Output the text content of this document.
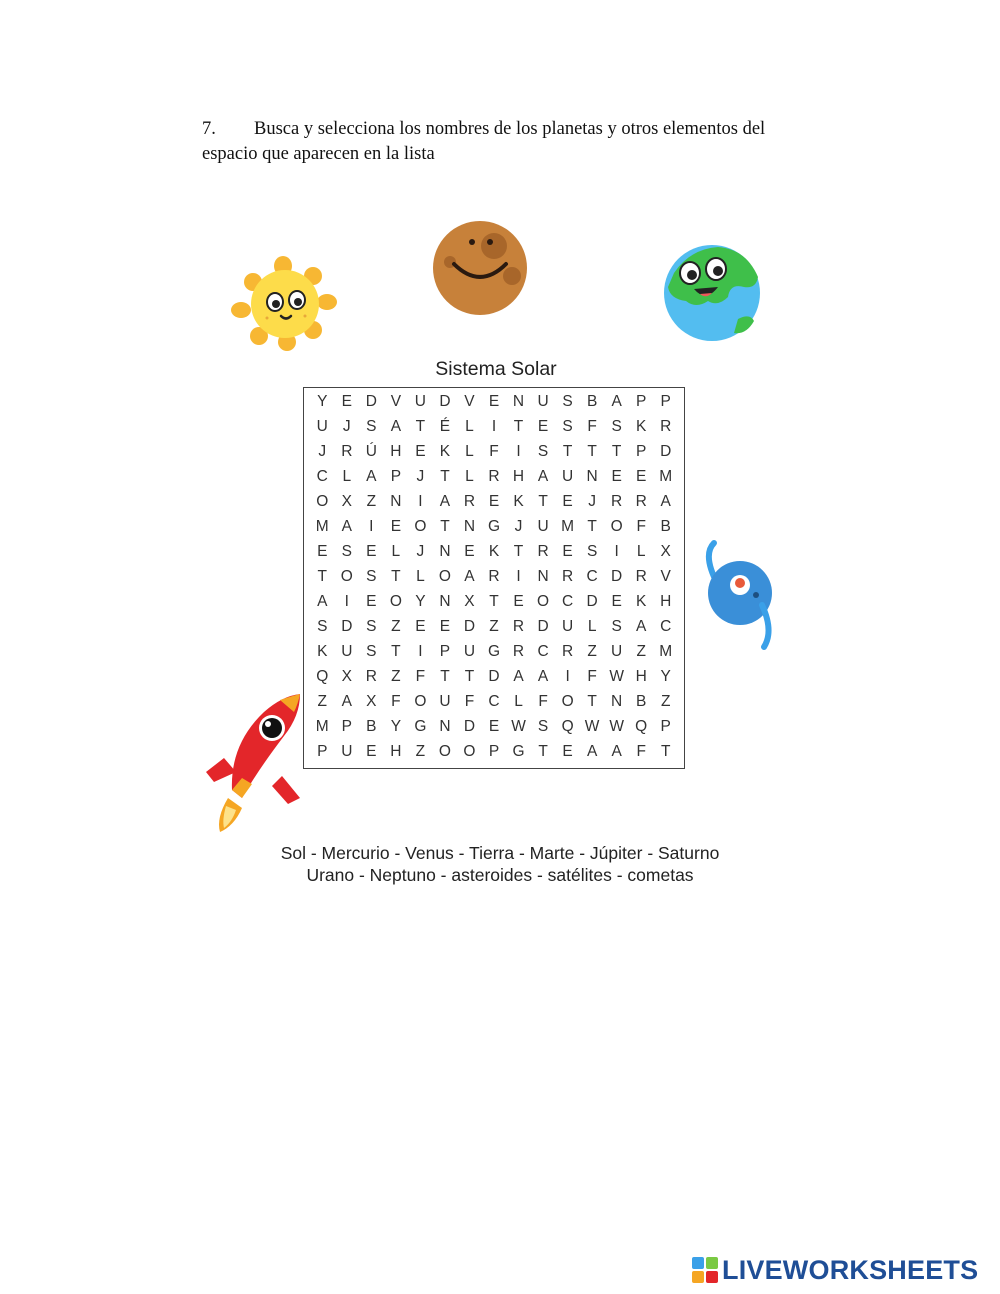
7. Busca y selecciona los nombres de los planetas y otros elementos del espacio que aparecen en la lista
Sistema Solar
Y E D V U D V E N U S B A P P
U J S A T É L	I	T E S F S K R
J R Ú H E K L F	I	S T T T P D
C L A P J	T L R H A U N E E M
O X Z N	I	A R E K T E J R R A
M A	I	E O T N G J U M T O F B
E S E L	J N E K T R E S	I	L X
T O S T L O A R	I	N R C D R V
A	I	E O Y N X T E O C D E K H
S D S Z E E D Z R D U L S A C
K U S T	I	P U G R C R Z U Z M
Q X R Z F T T D A A	I	F W H Y
Z A X F O U F C L F O T N B Z
M P B Y G N D E W S Q W W Q P
P U E H Z O O P G T E A A F T
Sol - Mercurio - Venus - Tierra - Marte - Júpiter - Saturno
Urano - Neptuno - asteroides - satélites - cometas
LIVEWORKSHEETS
